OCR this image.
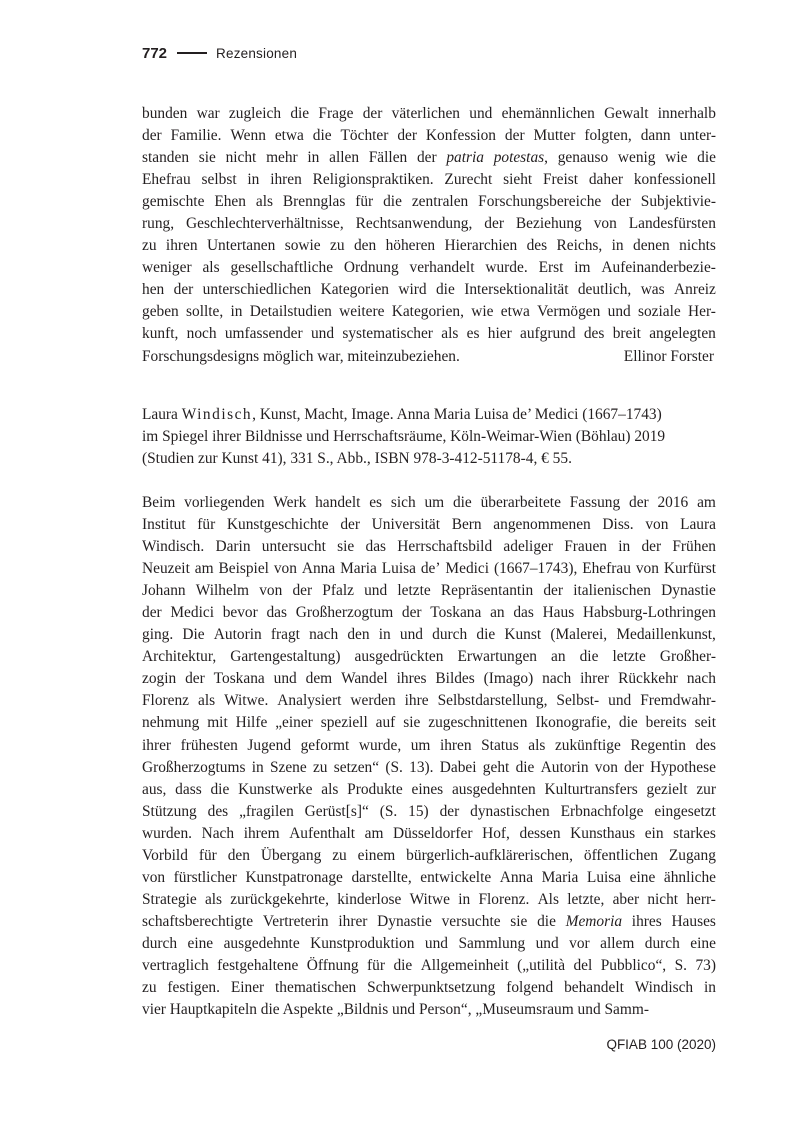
772	Rezensionen
bunden war zugleich die Frage der väterlichen und ehemännlichen Gewalt innerhalb
der Familie. Wenn etwa die Töchter der Konfession der Mutter folgten, dann unter-
standen sie nicht mehr in allen Fällen der patria potestas, genauso wenig wie die
Ehefrau selbst in ihren Religionspraktiken. Zurecht sieht Freist daher konfessionell
gemischte Ehen als Brennglas für die zentralen Forschungsbereiche der Subjektivie-
rung, Geschlechterverhältnisse, Rechtsanwendung, der Beziehung von Landesfürsten
zu ihren Untertanen sowie zu den höheren Hierarchien des Reichs, in denen nichts
weniger als gesellschaftliche Ordnung verhandelt wurde. Erst im Aufeinanderbezie-
hen der unterschiedlichen Kategorien wird die Intersektionalität deutlich, was Anreiz
geben sollte, in Detailstudien weitere Kategorien, wie etwa Vermögen und soziale Her-
kunft, noch umfassender und systematischer als es hier aufgrund des breit angelegten
Forschungsdesigns möglich war, miteinzubeziehen.	Ellinor Forster
Laura Windisch, Kunst, Macht, Image. Anna Maria Luisa de’ Medici (1667–1743)
im Spiegel ihrer Bildnisse und Herrschaftsräume, Köln-Weimar-Wien (Böhlau) 2019
(Studien zur Kunst 41), 331 S., Abb., ISBN 978-3-412-51178-4, € 55.
Beim vorliegenden Werk handelt es sich um die überarbeitete Fassung der 2016 am
Institut für Kunstgeschichte der Universität Bern angenommenen Diss. von Laura
Windisch. Darin untersucht sie das Herrschaftsbild adeliger Frauen in der Frühen
Neuzeit am Beispiel von Anna Maria Luisa de’ Medici (1667–1743), Ehefrau von Kurfürst
Johann Wilhelm von der Pfalz und letzte Repräsentantin der italienischen Dynastie
der Medici bevor das Großherzogtum der Toskana an das Haus Habsburg-Lothringen
ging. Die Autorin fragt nach den in und durch die Kunst (Malerei, Medaillenkunst,
Architektur, Gartengestaltung) ausgedrückten Erwartungen an die letzte Großher-
zogin der Toskana und dem Wandel ihres Bildes (Imago) nach ihrer Rückkehr nach
Florenz als Witwe. Analysiert werden ihre Selbstdarstellung, Selbst- und Fremdwahr-
nehmung mit Hilfe „einer speziell auf sie zugeschnittenen Ikonografie, die bereits seit
ihrer frühesten Jugend geformt wurde, um ihren Status als zukünftige Regentin des
Großherzogtums in Szene zu setzen“ (S. 13). Dabei geht die Autorin von der Hypothese
aus, dass die Kunstwerke als Produkte eines ausgedehnten Kulturtransfers gezielt zur
Stützung des „fragilen Gerüst[s]“ (S. 15) der dynastischen Erbnachfolge eingesetzt
wurden. Nach ihrem Aufenthalt am Düsseldorfer Hof, dessen Kunsthaus ein starkes
Vorbild für den Übergang zu einem bürgerlich-aufklärerischen, öffentlichen Zugang
von fürstlicher Kunstpatronage darstellte, entwickelte Anna Maria Luisa eine ähnliche
Strategie als zurückgekehrte, kinderlose Witwe in Florenz. Als letzte, aber nicht herr-
schaftsberechtigte Vertreterin ihrer Dynastie versuchte sie die Memoria ihres Hauses
durch eine ausgedehnte Kunstproduktion und Sammlung und vor allem durch eine
vertraglich festgehaltene Öffnung für die Allgemeinheit („utilità del Pubblico“, S. 73)
zu festigen. Einer thematischen Schwerpunktsetzung folgend behandelt Windisch in
vier Hauptkapiteln die Aspekte „Bildnis und Person“, „Museumsraum und Samm-
QFIAB 100 (2020)
